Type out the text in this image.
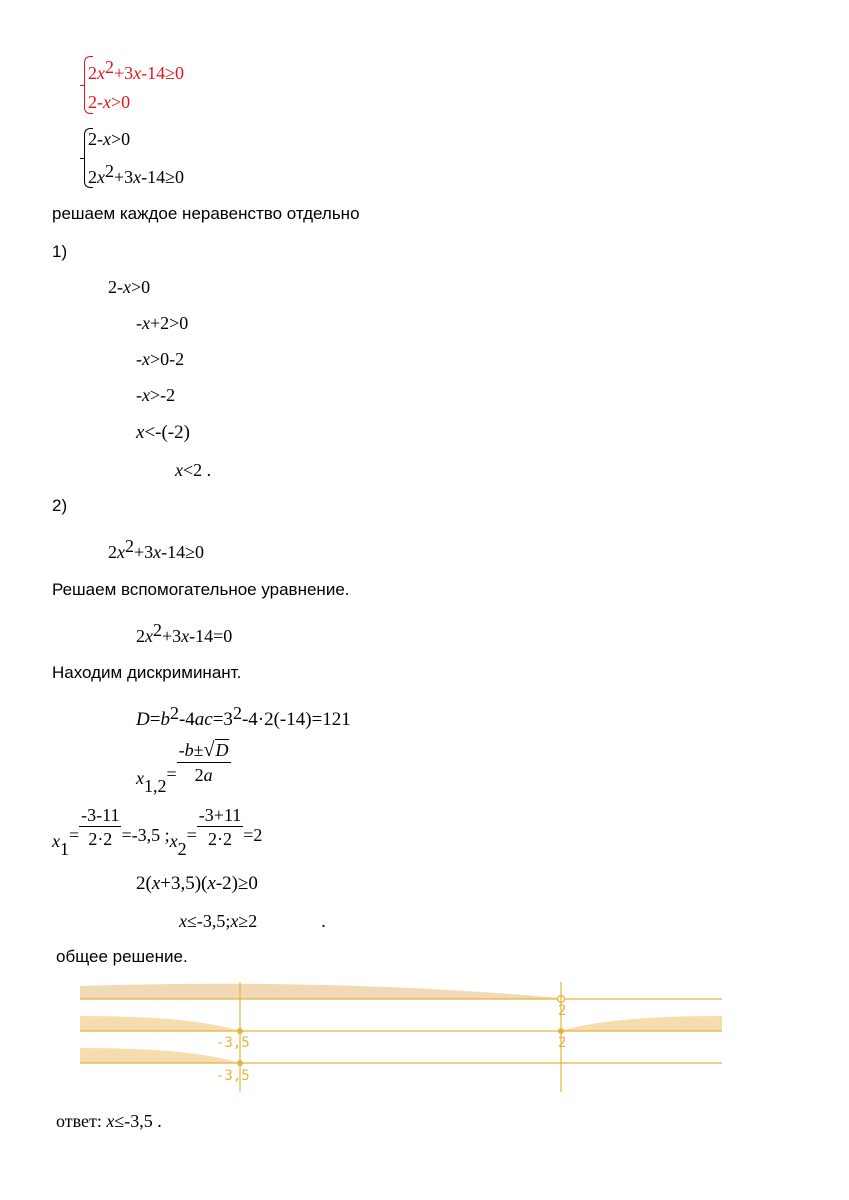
$2x^2+3x-14\ge 0$
2-x>0
2-x>0
$2x^2+3x-14\ge 0$
решаем каждое неравенство отдельно
1)
2-x>0
-x+2>0
-x>0-2
-x>-2
x<-(-2)
x<2 .
2)
$2x^2+3x-14\ge 0$
Решаем вспомогательное уравнение.
$2x^2+3x-14=0$
Находим дискриминант.
$D=b^2-4ac=3^2-4\cdot 2(-14)=121$
$x1,2= \frac{-b\pm√D}{2a}$
$x1= \frac{-3-11}{2\cdot 2} =-3,5$ ;x2= $\frac{-3+11}{2\cdot 2} =2$
2(x+3,5)(x-2)≥0
x≤-3,5;x≥2	.
общее решение.
2
-3,5	2
-3,5
ответ: x≤-3,5 .
